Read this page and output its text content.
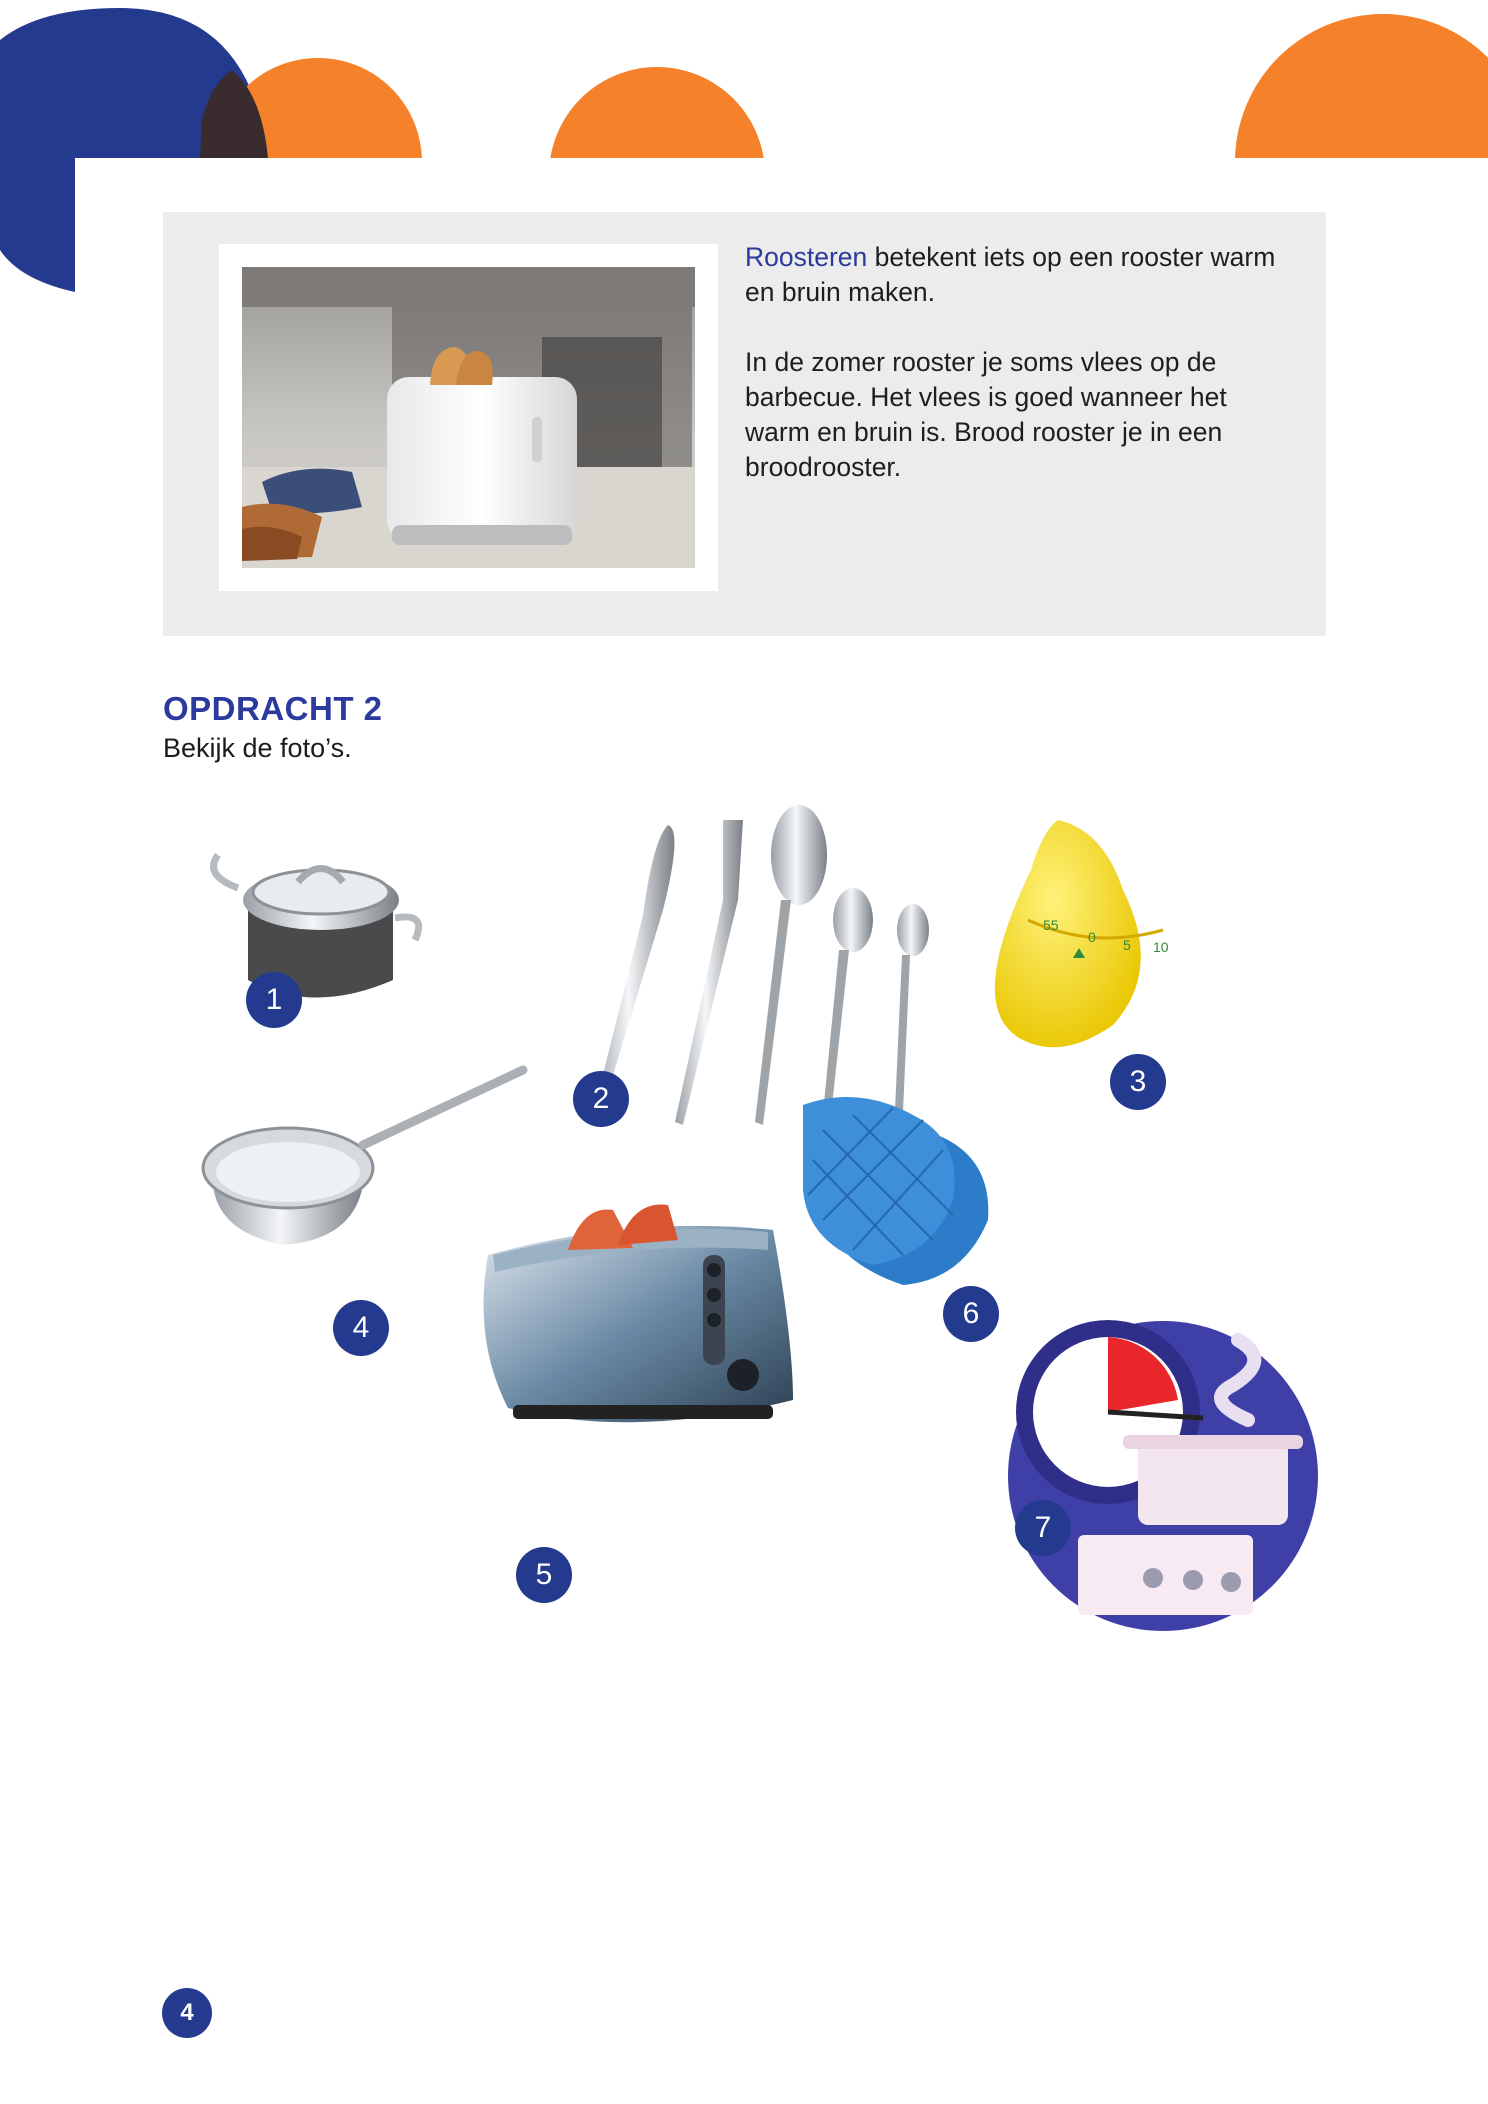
Roosteren betekent iets op een rooster warm en bruin maken.

In de zomer rooster je soms vlees op de barbecue. Het vlees is goed wanneer het warm en bruin is. Brood rooster je in een broodrooster.

OPDRACHT 2
Bekijk de foto’s.
55
0 5 10
1
2
3
4
5
6
7
4
